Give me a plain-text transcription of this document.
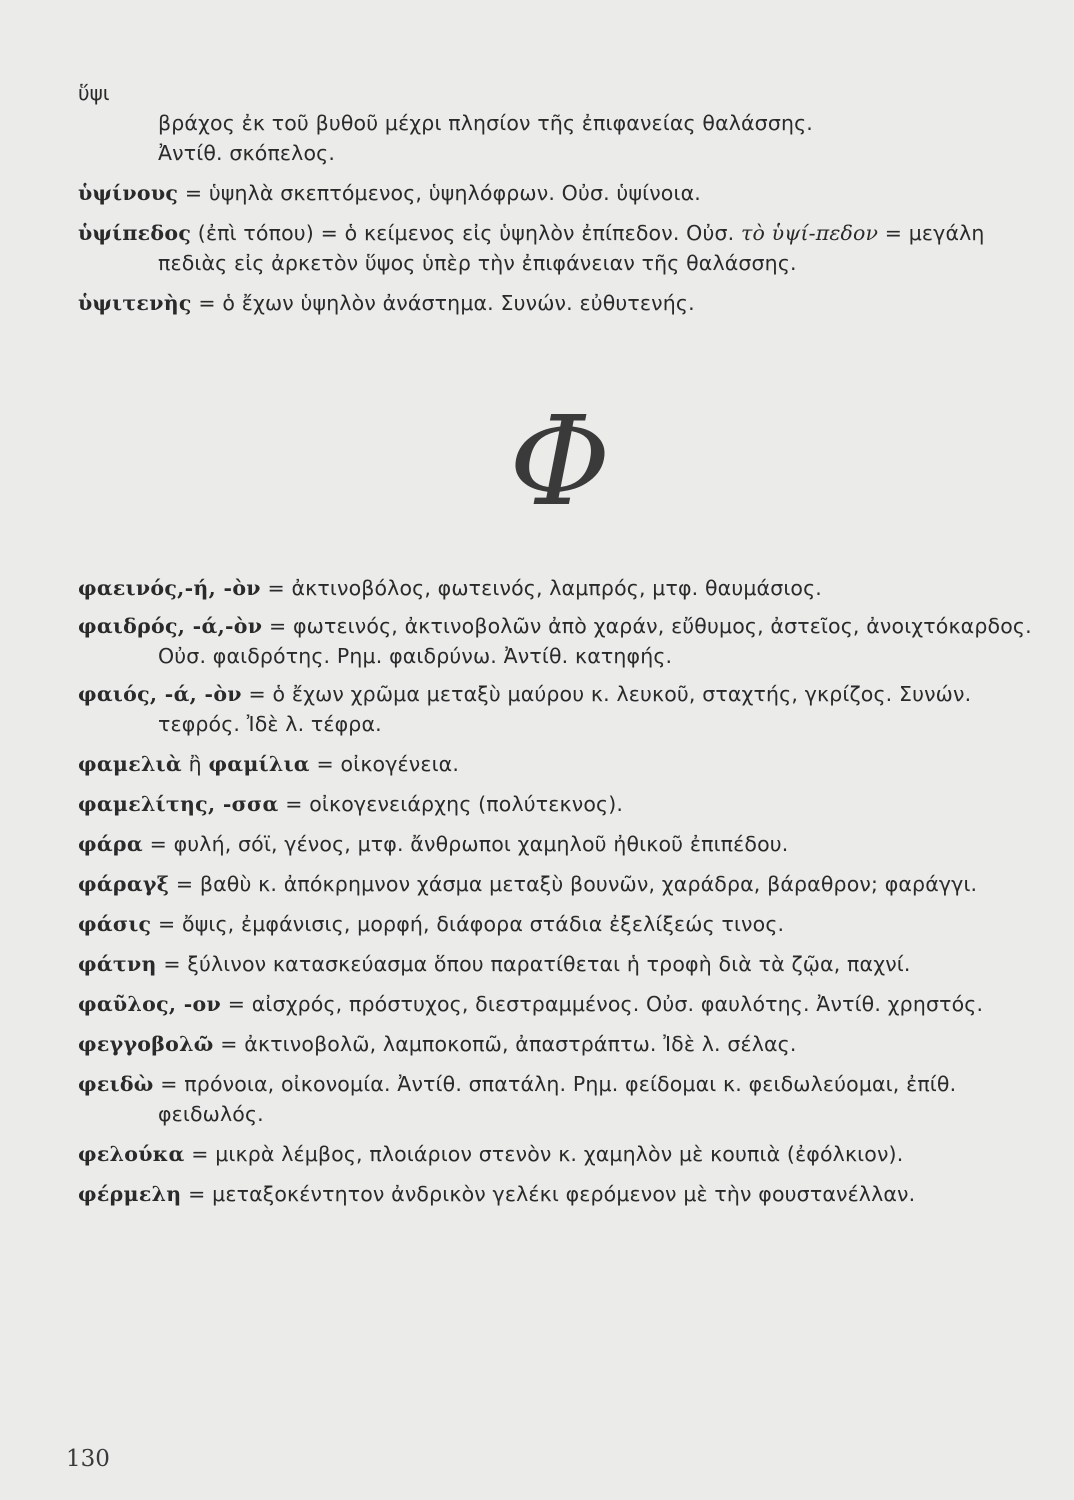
ὕψι
βράχος ἐκ τοῦ βυθοῦ μέχρι πλησίον τῆς ἐπιφανείας θαλάσσης.
Ἀντίθ. σκόπελος.
ὑψίνους = ὑψηλὰ σκεπτόμενος, ὑψηλόφρων. Οὐσ. ὑψίνοια.
ὑψίπεδος (ἐπὶ τόπου) = ὁ κείμενος εἰς ὑψηλὸν ἐπίπεδον. Οὐσ. τὸ ὑψί-πεδον = μεγάλη πεδιὰς εἰς ἀρκετὸν ὕψος ὑπὲρ τὴν ἐπιφάνειαν τῆς θαλάσσης.
ὑψιτενὴς = ὁ ἔχων ὑψηλὸν ἀνάστημα. Συνών. εὐθυτενής.
Φ
φαεινός,-ή, -ὸν = ἀκτινοβόλος, φωτεινός, λαμπρός, μτφ. θαυμάσιος.
φαιδρός, -ά,-ὸν = φωτεινός, ἀκτινοβολῶν ἀπὸ χαράν, εὔθυμος, ἀστεῖος, ἀνοιχτόκαρδος. Οὐσ. φαιδρότης. Ρημ. φαιδρύνω. Ἀντίθ. κατηφής.
φαιός, -ά, -ὸν = ὁ ἔχων χρῶμα μεταξὺ μαύρου κ. λευκοῦ, σταχτής, γκρίζος. Συνών. τεφρός. Ἰδὲ λ. τέφρα.
φαμελιὰ ἢ φαμίλια = οἰκογένεια.
φαμελίτης, -σσα = οἰκογενειάρχης (πολύτεκνος).
φάρα = φυλή, σόϊ, γένος, μτφ. ἄνθρωποι χαμηλοῦ ἠθικοῦ ἐπιπέδου.
φάραγξ = βαθὺ κ. ἀπόκρημνον χάσμα μεταξὺ βουνῶν, χαράδρα, βάραθρον; φαράγγι.
φάσις = ὄψις, ἐμφάνισις, μορφή, διάφορα στάδια ἐξελίξεώς τινος.
φάτνη = ξύλινον κατασκεύασμα ὅπου παρατίθεται ἡ τροφὴ διὰ τὰ ζῷα, παχνί.
φαῦλος, -ον = αἰσχρός, πρόστυχος, διεστραμμένος. Οὐσ. φαυλότης. Ἀντίθ. χρηστός.
φεγγοβολῶ = ἀκτινοβολῶ, λαμποκοπῶ, ἀπαστράπτω. Ἰδὲ λ. σέλας.
φειδὼ = πρόνοια, οἰκονομία. Ἀντίθ. σπατάλη. Ρημ. φείδομαι κ. φειδωλεύομαι, ἐπίθ. φειδωλός.
φελούκα = μικρὰ λέμβος, πλοιάριον στενὸν κ. χαμηλὸν μὲ κουπιὰ (ἐφόλκιον).
φέρμελη = μεταξοκέντητον ἀνδρικὸν γελέκι φερόμενον μὲ τὴν φουστανέλλαν.
130
